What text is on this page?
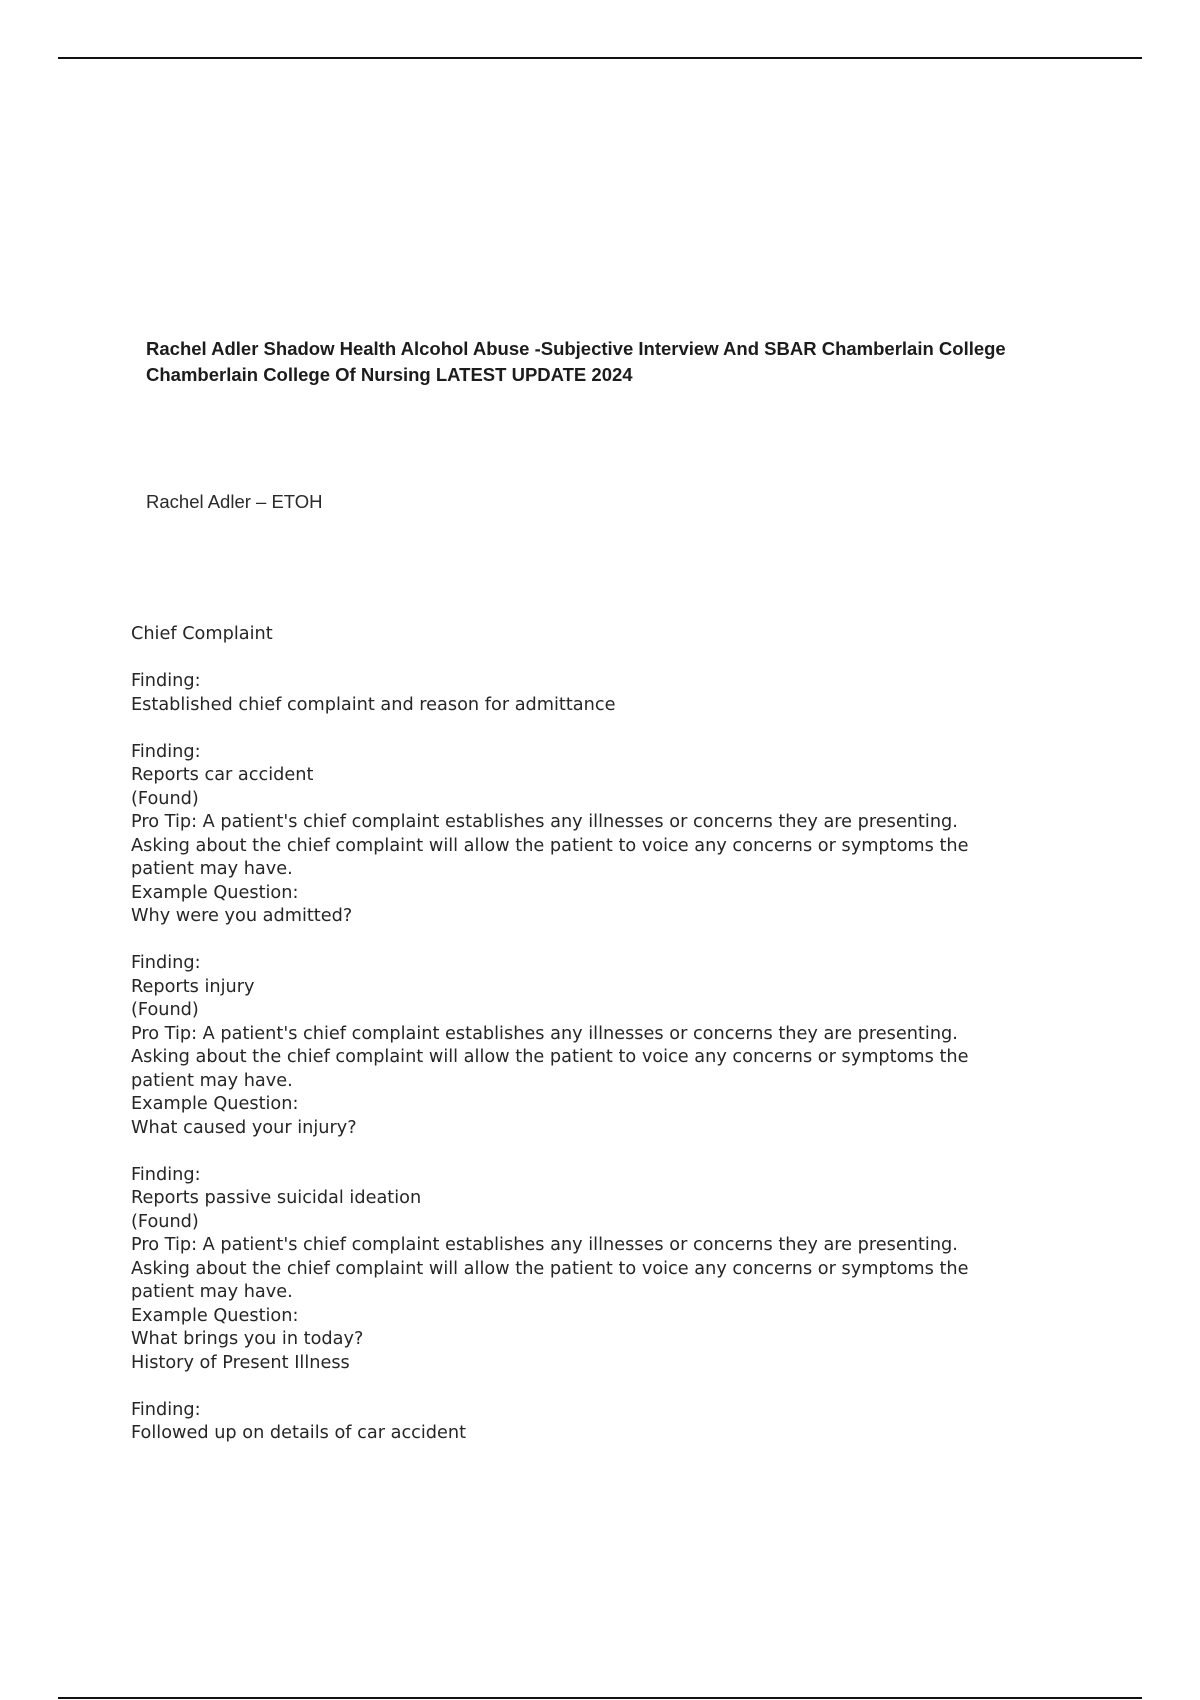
Rachel Adler Shadow Health Alcohol Abuse -Subjective Interview And SBAR Chamberlain College
Chamberlain College Of Nursing LATEST UPDATE 2024

Rachel Adler – ETOH

Chief Complaint
Finding:
Established chief complaint and reason for admittance
Finding:
Reports car accident
(Found)
Pro Tip: A patient's chief complaint establishes any illnesses or concerns they are presenting.
Asking about the chief complaint will allow the patient to voice any concerns or symptoms the
patient may have.
Example Question:
Why were you admitted?
Finding:
Reports injury
(Found)
Pro Tip: A patient's chief complaint establishes any illnesses or concerns they are presenting.
Asking about the chief complaint will allow the patient to voice any concerns or symptoms the
patient may have.
Example Question:
What caused your injury?
Finding:
Reports passive suicidal ideation
(Found)
Pro Tip: A patient's chief complaint establishes any illnesses or concerns they are presenting.
Asking about the chief complaint will allow the patient to voice any concerns or symptoms the
patient may have.
Example Question:
What brings you in today?
History of Present Illness
Finding:
Followed up on details of car accident
